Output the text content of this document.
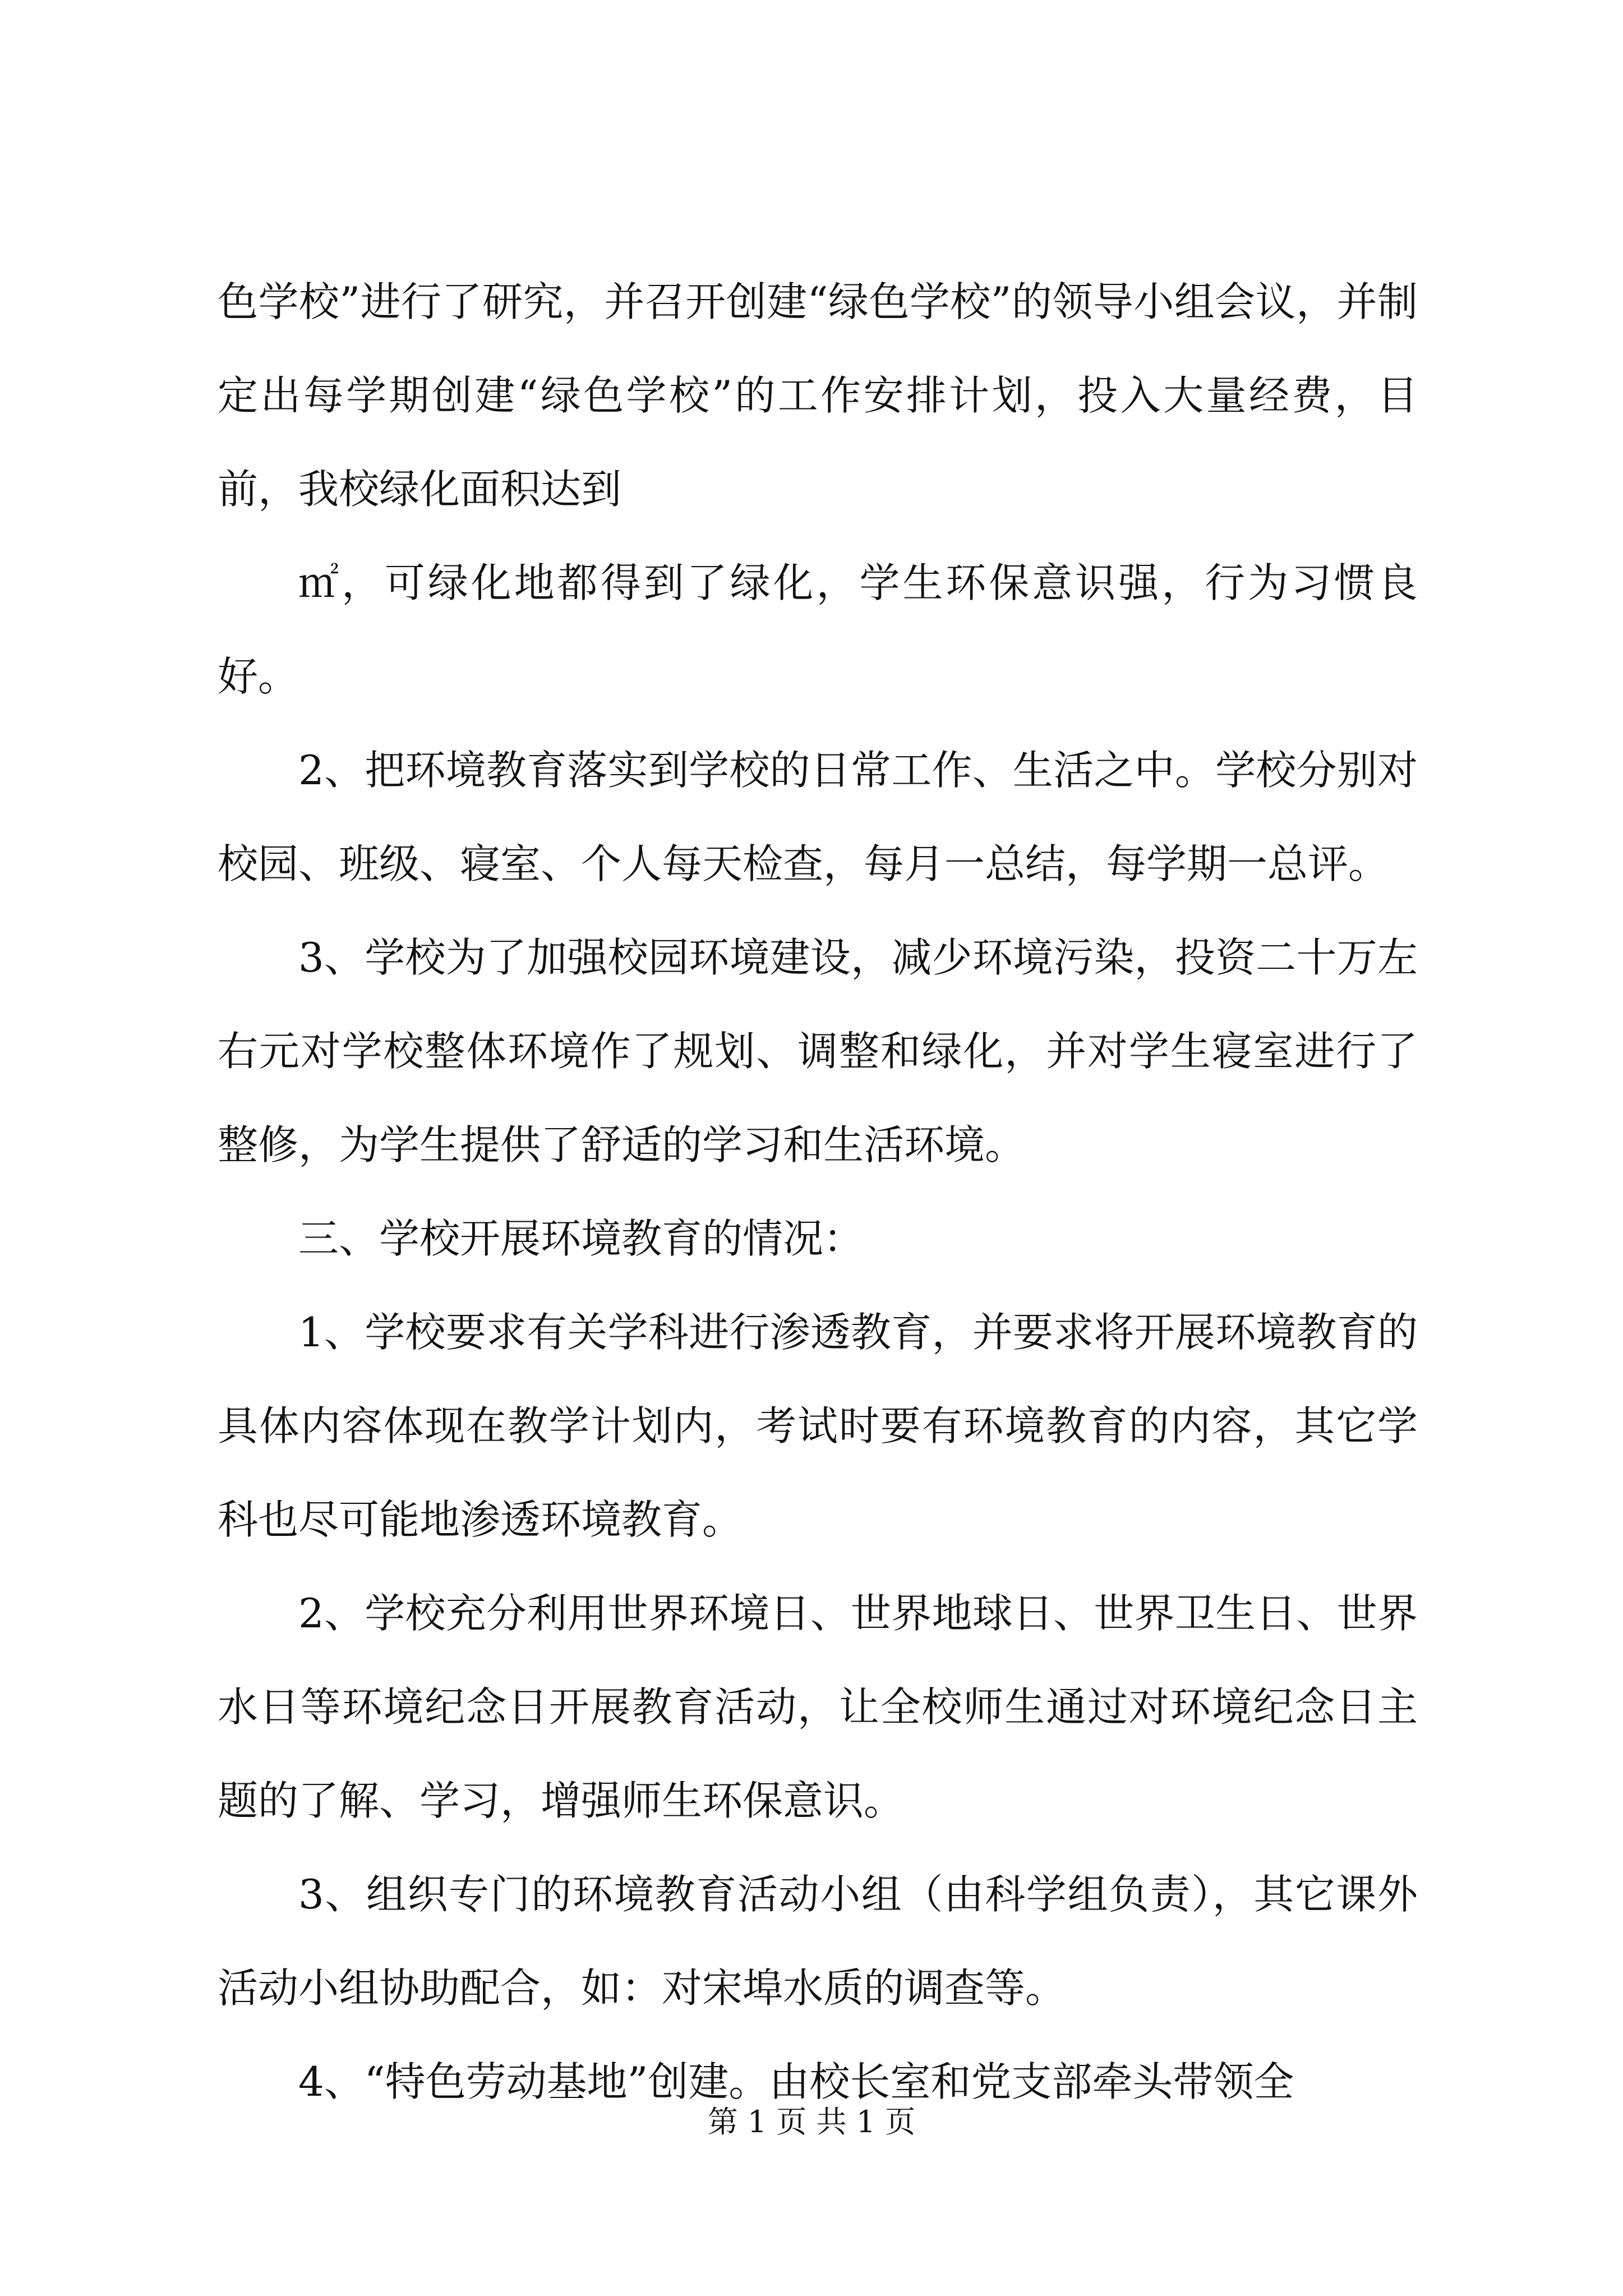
色学校”进行了研究，并召开创建“绿色学校”的领导小组会议，并制定出每学期创建“绿色学校”的工作安排计划，投入大量经费，目前，我校绿化面积达到

㎡，可绿化地都得到了绿化，学生环保意识强，行为习惯良好。

2、把环境教育落实到学校的日常工作、生活之中。学校分别对校园、班级、寝室、个人每天检查，每月一总结，每学期一总评。

3、学校为了加强校园环境建设，减少环境污染，投资二十万左右元对学校整体环境作了规划、调整和绿化，并对学生寝室进行了整修，为学生提供了舒适的学习和生活环境。

三、学校开展环境教育的情况：

1、学校要求有关学科进行渗透教育，并要求将开展环境教育的具体内容体现在教学计划内，考试时要有环境教育的内容，其它学科也尽可能地渗透环境教育。

2、学校充分利用世界环境日、世界地球日、世界卫生日、世界水日等环境纪念日开展教育活动，让全校师生通过对环境纪念日主题的了解、学习，增强师生环保意识。

3、组织专门的环境教育活动小组（由科学组负责），其它课外活动小组协助配合，如：对宋埠水质的调查等。

4、“特色劳动基地”创建。由校长室和党支部牵头带领全

第 1 页 共 1 页
